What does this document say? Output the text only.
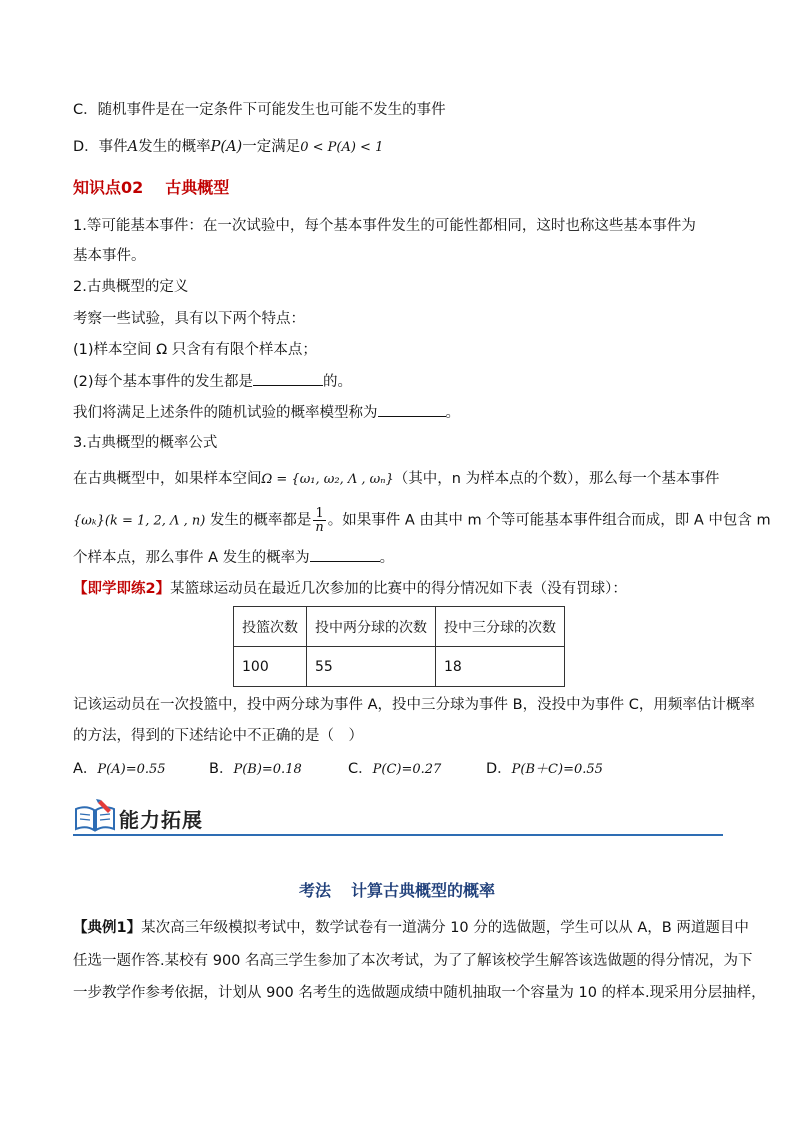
C．随机事件是在一定条件下可能发生也可能不发生的事件
D．事件A发生的概率P(A)一定满足0 < P(A) < 1
知识点02 古典概型
1.等可能基本事件：在一次试验中，每个基本事件发生的可能性都相同，这时也称这些基本事件为
基本事件。
2.古典概型的定义
考察一些试验，具有以下两个特点：
(1)样本空间 Ω 只含有有限个样本点；
(2)每个基本事件的发生都是	的。
我们将满足上述条件的随机试验的概率模型称为	。
3.古典概型的概率公式
在古典概型中，如果样本空间Ω = {ω₁, ω₂, Λ , ωₙ}（其中，n 为样本点的个数），那么每一个基本事件
{ωₖ}(k = 1, 2, Λ , n) 发生的概率都是 $\frac{1}{n}$ 。如果事件 A 由其中 m 个等可能基本事件组合而成，即 A 中包含 m
个样本点，那么事件 A 发生的概率为	。
【即学即练2】某篮球运动员在最近几次参加的比赛中的得分情况如下表（没有罚球）：
投篮次数	投中两分球的次数	投中三分球的次数
100	55	18
记该运动员在一次投篮中，投中两分球为事件 A，投中三分球为事件 B，没投中为事件 C，用频率估计概率
的方法，得到的下述结论中不正确的是（　）
A．P(A)=0.55	B．P(B)=0.18	C．P(C)=0.27	D．P(B＋C)=0.55
能力拓展
考法 计算古典概型的概率
【典例1】某次高三年级模拟考试中，数学试卷有一道满分 10 分的选做题，学生可以从 A，B 两道题目中
任选一题作答.某校有 900 名高三学生参加了本次考试，为了了解该校学生解答该选做题的得分情况，为下
一步教学作参考依据，计划从 900 名考生的选做题成绩中随机抽取一个容量为 10 的样本.现采用分层抽样，
